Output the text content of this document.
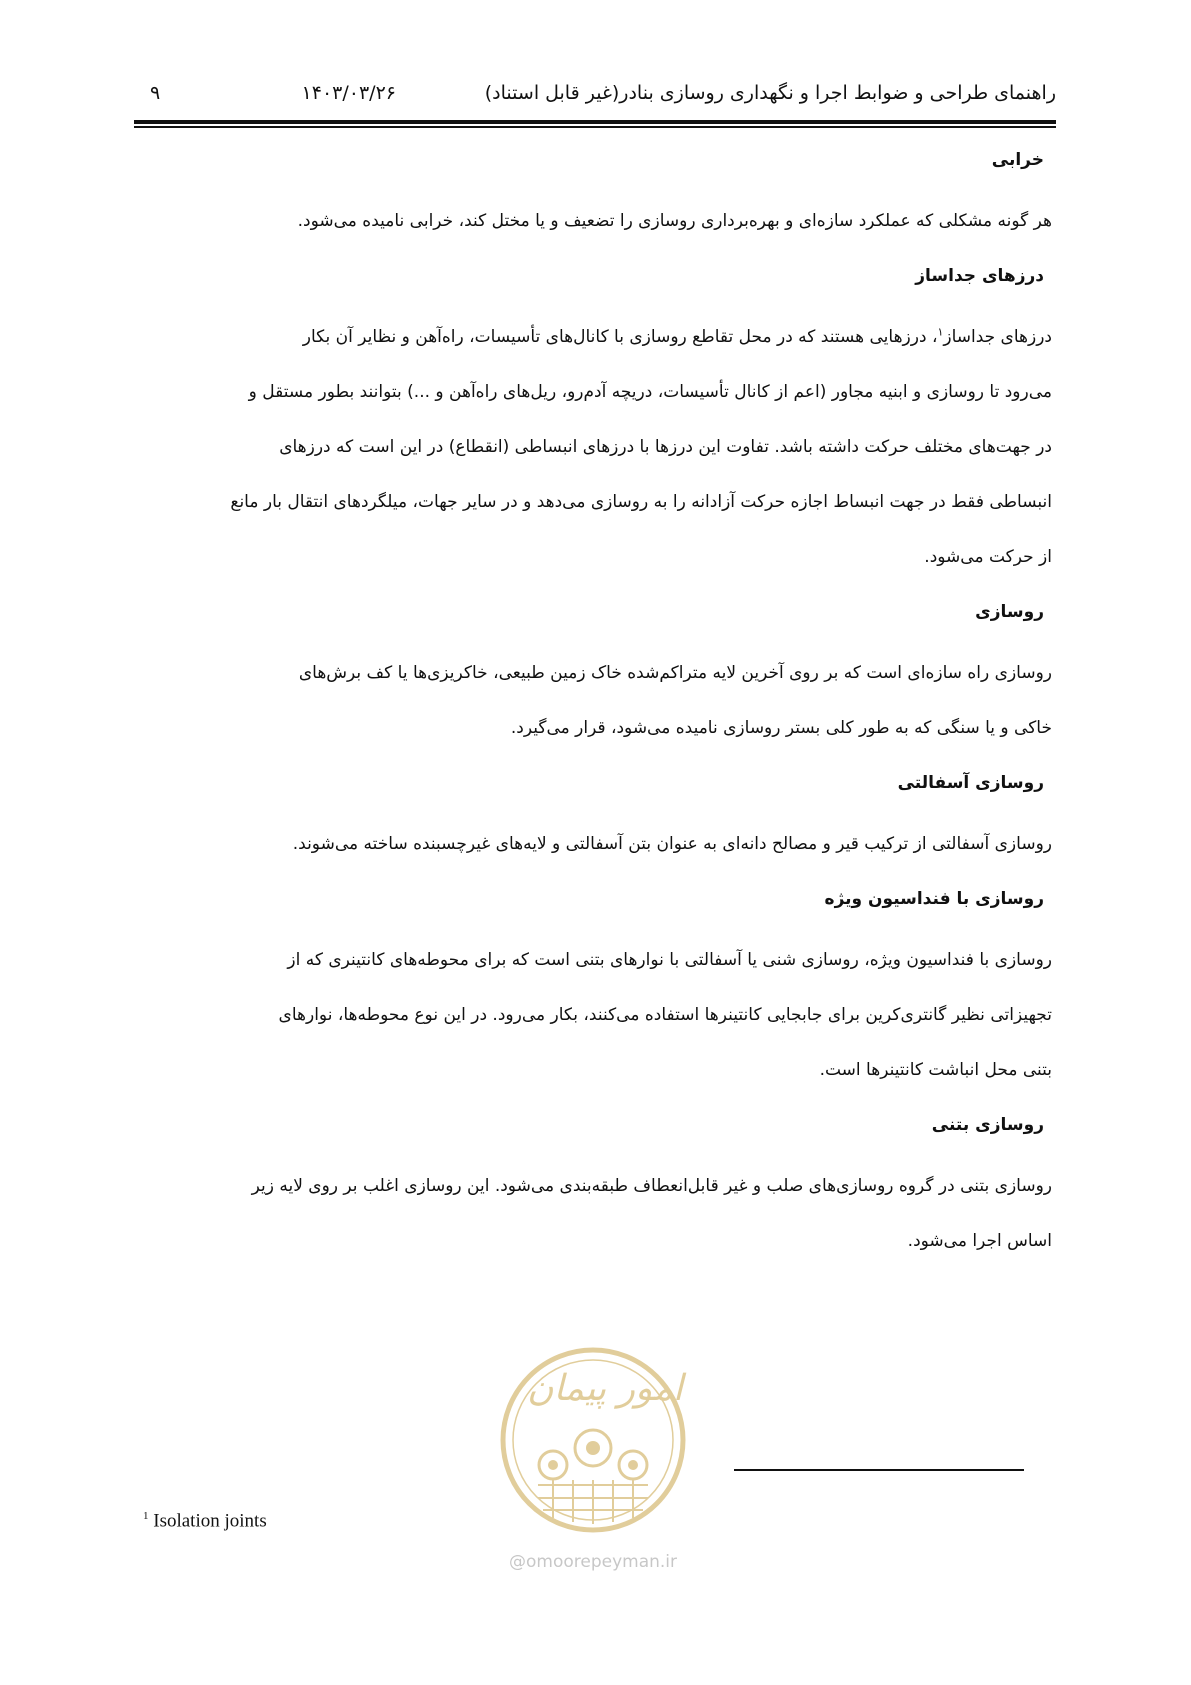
راهنمای طراحی و ضوابط اجرا و نگهداری روسازی بنادر(غیر قابل استناد)
۱۴۰۳/۰۳/۲۶
۹
خرابی

هر گونه مشکلی که عملکرد سازه‌ای و بهره‌برداری روسازی را تضعیف و یا مختل کند، خرابی نامیده می‌شود.

درزهای جداساز

درزهای جداساز$^۱$، درزهایی هستند که در محل تقاطع روسازی با کانال‌های تأسیسات، راه‌آهن و نظایر آن بکار

می‌رود تا روسازی و ابنیه مجاور (اعم از کانال تأسیسات، دریچه آدم‌رو، ریل‌های راه‌آهن و ...) بتوانند بطور مستقل و

در جهت‌های مختلف حرکت داشته باشد. تفاوت این درزها با درزهای انبساطی (انقطاع) در این است که درزهای

انبساطی فقط در جهت انبساط اجازه حرکت آزادانه را به روسازی می‌دهد و در سایر جهات، میلگردهای انتقال بار مانع

از حرکت می‌شود.

روسازی

روسازی راه سازه‌ای است که بر روی آخرین لایه متراکم‌شده خاک زمین طبیعی، خاکریزی‌ها یا کف برش‌های

خاکی و یا سنگی که به طور کلی بستر روسازی نامیده می‌شود، قرار می‌گیرد.

روسازی آسفالتی

روسازی آسفالتی از ترکیب قیر و مصالح دانه‌ای به عنوان بتن آسفالتی و لایه‌های غیرچسبنده ساخته می‌شوند.

روسازی با فنداسیون ویژه

روسازی با فنداسیون ویژه، روسازی شنی یا آسفالتی با نوارهای بتنی است که برای محوطه‌های کانتینری که از

تجهیزاتی نظیر گانتری‌کرین برای جابجایی کانتینرها استفاده می‌کنند، بکار می‌رود. در این نوع محوطه‌ها، نوارهای

بتنی محل انباشت کانتینرها است.

روسازی بتنی

روسازی بتنی در گروه روسازی‌های صلب و غیر قابل‌انعطاف طبقه‌بندی می‌شود. این روسازی اغلب بر روی لایه زیر

اساس اجرا می‌شود.

امور پیمان
@omoorepeyman.ir
$^1$ Isolation joints
